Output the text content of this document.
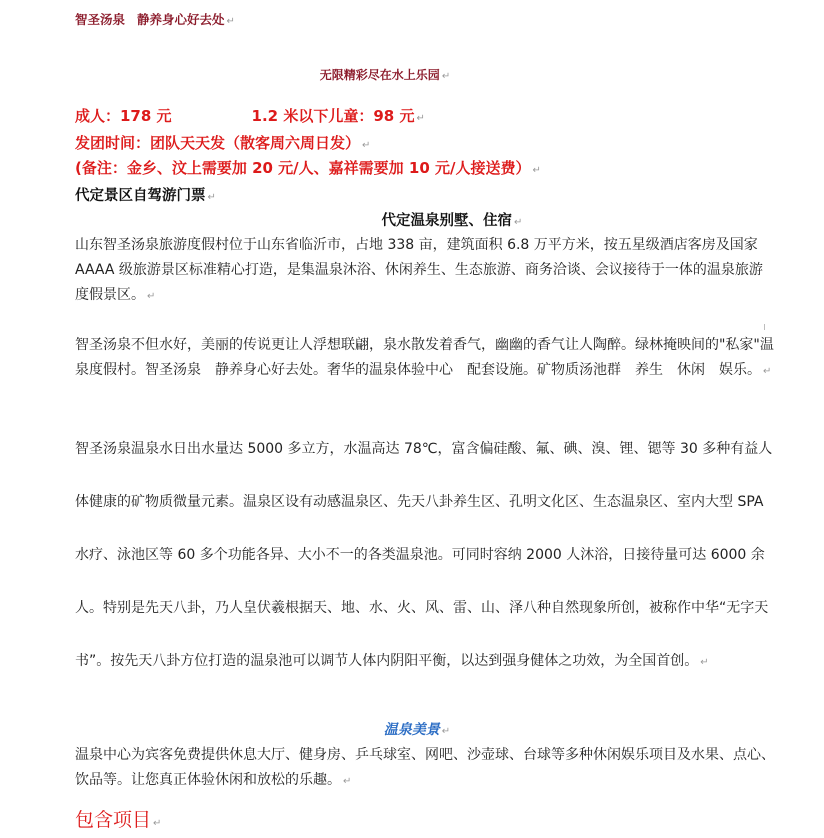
智圣汤泉 静养身心好去处 ↵
无限精彩尽在水上乐园 ↵
成人：178 元	1.2 米以下儿童：98 元 ↵
发团时间：团队天天发（散客周六周日发） ↵
(备注：金乡、汶上需要加 20 元/人、嘉祥需要加 10 元/人接送费） ↵
代定景区自驾游门票 ↵
代定温泉别墅、住宿 ↵
山东智圣汤泉旅游度假村位于山东省临沂市，占地 338 亩，建筑面积 6.8 万平方米，按五星级酒店客房及国家 AAAA 级旅游景区标准精心打造，是集温泉沐浴、休闲养生、生态旅游、商务洽谈、会议接待于一体的温泉旅游度假景区。 ↵
智圣汤泉不但水好，美丽的传说更让人浮想联翩，泉水散发着香气，幽幽的香气让人陶醉。绿林掩映间的"私家"温泉度假村。智圣汤泉　静养身心好去处。奢华的温泉体验中心　配套设施。矿物质汤池群　养生　休闲　娱乐。 ↵
智圣汤泉温泉水日出水量达 5000 多立方，水温高达 78℃，富含偏硅酸、氟、碘、溴、锂、锶等 30 多种有益人体健康的矿物质微量元素。温泉区设有动感温泉区、先天八卦养生区、孔明文化区、生态温泉区、室内大型 SPA 水疗、泳池区等 60 多个功能各异、大小不一的各类温泉池。可同时容纳 2000 人沐浴，日接待量可达 6000 余人。特别是先天八卦，乃人皇伏羲根据天、地、水、火、风、雷、山、泽八种自然现象所创，被称作中华“无字天书”。按先天八卦方位打造的温泉池可以调节人体内阴阳平衡，以达到强身健体之功效，为全国首创。 ↵
温泉美景 ↵
温泉中心为宾客免费提供休息大厅、健身房、乒乓球室、网吧、沙壶球、台球等多种休闲娱乐项目及水果、点心、饮品等。让您真正体验休闲和放松的乐趣。 ↵
包含项目 ↵
